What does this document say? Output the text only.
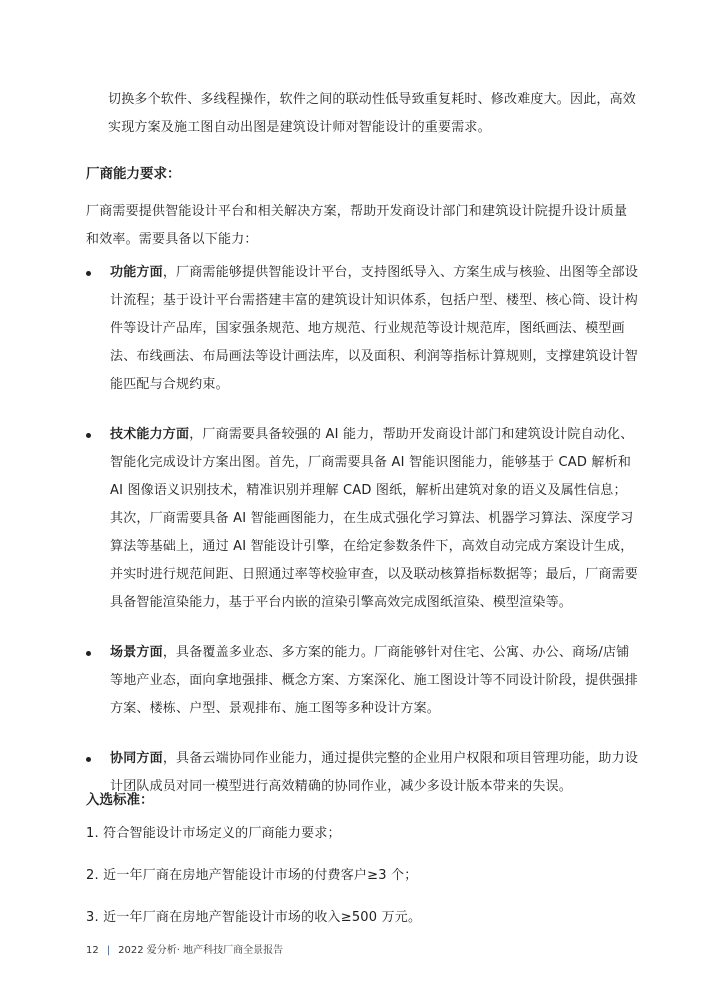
切换多个软件、多线程操作，软件之间的联动性低导致重复耗时、修改难度大。因此，高效实现方案及施工图自动出图是建筑设计师对智能设计的重要需求。

厂商能力要求：

厂商需要提供智能设计平台和相关解决方案，帮助开发商设计部门和建筑设计院提升设计质量和效率。需要具备以下能力：

功能方面，厂商需能够提供智能设计平台，支持图纸导入、方案生成与核验、出图等全部设计流程；基于设计平台需搭建丰富的建筑设计知识体系，包括户型、楼型、核心筒、设计构件等设计产品库，国家强条规范、地方规范、行业规范等设计规范库，图纸画法、模型画法、布线画法、布局画法等设计画法库，以及面积、利润等指标计算规则，支撑建筑设计智能匹配与合规约束。
技术能力方面，厂商需要具备较强的 AI 能力，帮助开发商设计部门和建筑设计院自动化、智能化完成设计方案出图。首先，厂商需要具备 AI 智能识图能力，能够基于 CAD 解析和 AI 图像语义识别技术，精准识别并理解 CAD 图纸，解析出建筑对象的语义及属性信息；其次，厂商需要具备 AI 智能画图能力，在生成式强化学习算法、机器学习算法、深度学习算法等基础上，通过 AI 智能设计引擎，在给定参数条件下，高效自动完成方案设计生成，并实时进行规范间距、日照通过率等校验审查，以及联动核算指标数据等；最后，厂商需要具备智能渲染能力，基于平台内嵌的渲染引擎高效完成图纸渲染、模型渲染等。
场景方面，具备覆盖多业态、多方案的能力。厂商能够针对住宅、公寓、办公、商场/店铺等地产业态，面向拿地强排、概念方案、方案深化、施工图设计等不同设计阶段，提供强排方案、楼栋、户型、景观排布、施工图等多种设计方案。
协同方面，具备云端协同作业能力，通过提供完整的企业用户权限和项目管理功能，助力设计团队成员对同一模型进行高效精确的协同作业，减少多设计版本带来的失误。
入选标准：
1. 符合智能设计市场定义的厂商能力要求；
2. 近一年厂商在房地产智能设计市场的付费客户≥3 个；
3. 近一年厂商在房地产智能设计市场的收入≥500 万元。
12 | 2022 爱分析· 地产科技厂商全景报告
